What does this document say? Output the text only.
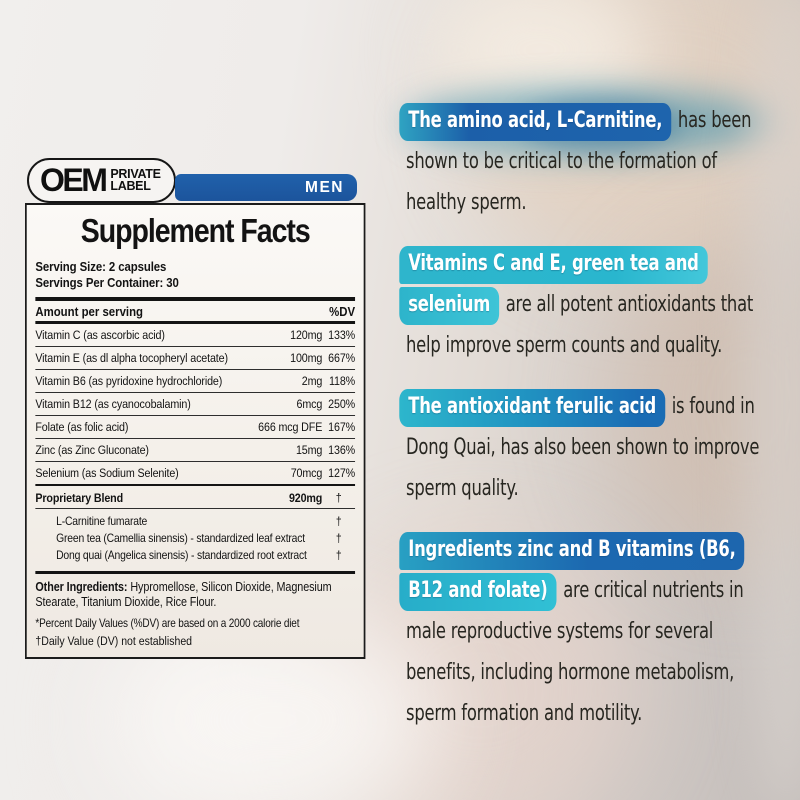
OEM PRIVATE
LABEL	MEN
Supplement Facts
Serving Size: 2 capsules
Servings Per Container: 30
Amount per serving	%DV
Vitamin C (as ascorbic acid)	120mg 133%
Vitamin E (as dl alpha tocopheryl acetate)	100mg 667%
Vitamin B6 (as pyridoxine hydrochloride)	2mg 118%
Vitamin B12 (as cyanocobalamin)	6mcg 250%
Folate (as folic acid)	666 mcg DFE 167%
Zinc (as Zinc Gluconate)	15mg 136%
Selenium (as Sodium Selenite)	70mcg 127%
Proprietary Blend	920mg	†
L-Carnitine fumarate	†
Green tea (Camellia sinensis) - standardized leaf extract	†
Dong quai (Angelica sinensis) - standardized root extract	†
Other Ingredients: Hypromellose, Silicon Dioxide, Magnesium Stearate, Titanium Dioxide, Rice Flour.
*Percent Daily Values (%DV) are based on a 2000 calorie diet
†Daily Value (DV) not established
The amino acid, L-Carnitine, has been
shown to be critical to the formation of
healthy sperm.
Vitamins C and E, green tea and
selenium are all potent antioxidants that
help improve sperm counts and quality.
The antioxidant ferulic acid is found in
Dong Quai, has also been shown to improve
sperm quality.
Ingredients zinc and B vitamins (B6,
B12 and folate) are critical nutrients in
male reproductive systems for several
benefits, including hormone metabolism,
sperm formation and motility.
